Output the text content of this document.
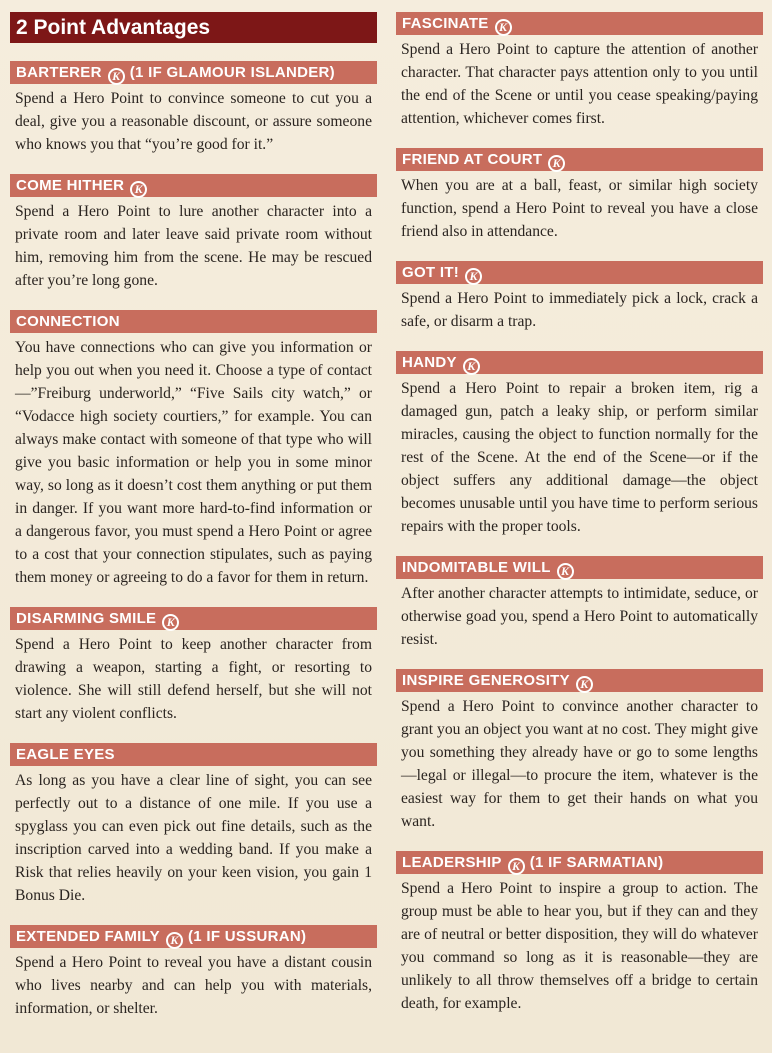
2 Point Advantages
BARTERER K (1 IF GLAMOUR ISLANDER)
Spend a Hero Point to convince someone to cut you a deal, give you a reasonable discount, or assure someone who knows you that “you’re good for it.”
COME HITHER K
Spend a Hero Point to lure another character into a private room and later leave said private room without him, removing him from the scene. He may be rescued after you’re long gone.
CONNECTION
You have connections who can give you information or help you out when you need it. Choose a type of contact—”Freiburg underworld,” “Five Sails city watch,” or “Vodacce high society courtiers,” for example. You can always make contact with someone of that type who will give you basic information or help you in some minor way, so long as it doesn’t cost them anything or put them in danger. If you want more hard-to-find information or a dangerous favor, you must spend a Hero Point or agree to a cost that your connection stipulates, such as paying them money or agreeing to do a favor for them in return.
DISARMING SMILE K
Spend a Hero Point to keep another character from drawing a weapon, starting a fight, or resorting to violence. She will still defend herself, but she will not start any violent conflicts.
EAGLE EYES
As long as you have a clear line of sight, you can see perfectly out to a distance of one mile. If you use a spyglass you can even pick out fine details, such as the inscription carved into a wedding band. If you make a Risk that relies heavily on your keen vision, you gain 1 Bonus Die.
EXTENDED FAMILY K (1 IF USSURAN)
Spend a Hero Point to reveal you have a distant cousin who lives nearby and can help you with materials, information, or shelter.
FASCINATE K
Spend a Hero Point to capture the attention of another character. That character pays attention only to you until the end of the Scene or until you cease speaking/paying attention, whichever comes first.
FRIEND AT COURT K
When you are at a ball, feast, or similar high society function, spend a Hero Point to reveal you have a close friend also in attendance.
GOT IT! K
Spend a Hero Point to immediately pick a lock, crack a safe, or disarm a trap.
HANDY K
Spend a Hero Point to repair a broken item, rig a damaged gun, patch a leaky ship, or perform similar miracles, causing the object to function normally for the rest of the Scene. At the end of the Scene—or if the object suffers any additional damage—the object becomes unusable until you have time to perform serious repairs with the proper tools.
INDOMITABLE WILL K
After another character attempts to intimidate, seduce, or otherwise goad you, spend a Hero Point to automatically resist.
INSPIRE GENEROSITY K
Spend a Hero Point to convince another character to grant you an object you want at no cost. They might give you something they already have or go to some lengths—legal or illegal—to procure the item, whatever is the easiest way for them to get their hands on what you want.
LEADERSHIP K (1 IF SARMATIAN)
Spend a Hero Point to inspire a group to action. The group must be able to hear you, but if they can and they are of neutral or better disposition, they will do whatever you command so long as it is reasonable—they are unlikely to all throw themselves off a bridge to certain death, for example.
